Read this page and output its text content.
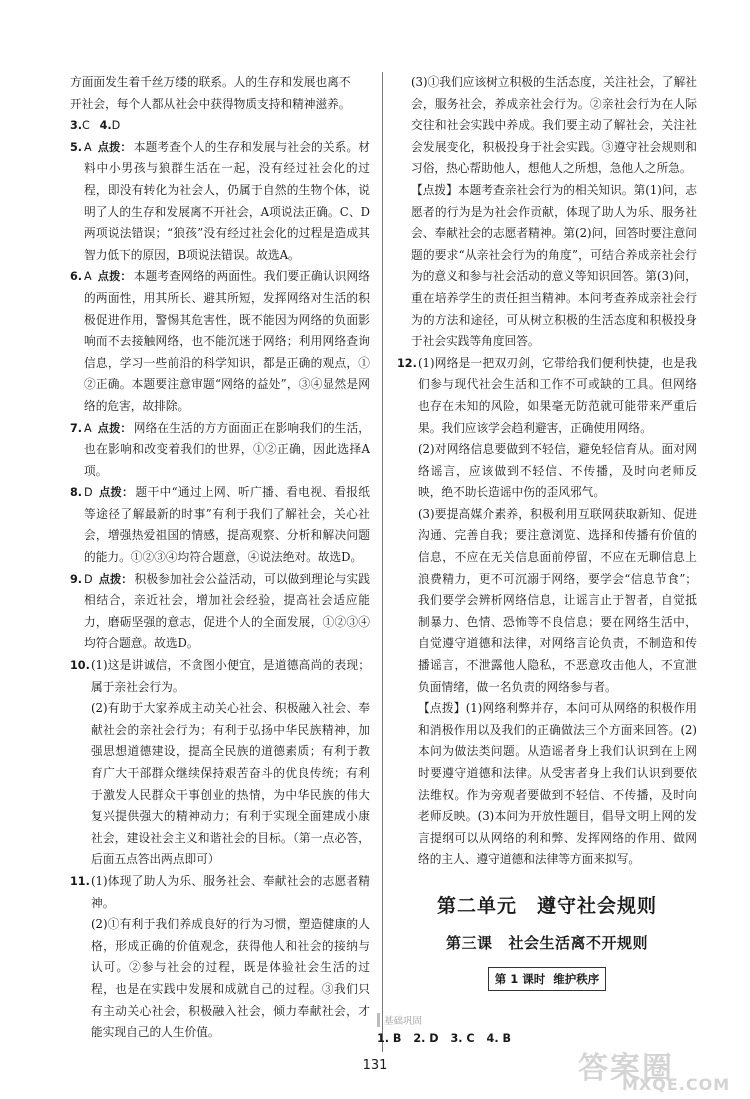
方面面发生着千丝万缕的联系。人的生存和发展也离不

开社会，每个人都从社会中获得物质支持和精神滋养。

3.C 4.D

5. A 点拨： 本题考查个人的生存和发展与社会的关系。材料中小男孩与狼群生活在一起，没有经过社会化的过程，即没有转化为社会人，仍属于自然的生物个体，说明了人的生存和发展离不开社会，A项说法正确。C、D两项说法错误；“狼孩”没有经过社会化的过程是造成其智力低下的原因，B项说法错误。故选A。

6. A 点拨： 本题考查网络的两面性。我们要正确认识网络的两面性，用其所长、避其所短，发挥网络对生活的积极促进作用，警惕其危害性，既不能因为网络的负面影响而不去接触网络，也不能沉迷于网络；利用网络查询信息，学习一些前沿的科学知识，都是正确的观点，①②正确。本题要注意审题“网络的益处”，③④显然是网络的危害，故排除。

7. A 点拨： 网络在生活的方方面面正在影响我们的生活，也在影响和改变着我们的世界，①②正确，因此选择A项。

8. D 点拨： 题干中“通过上网、听广播、看电视、看报纸等途径了解最新的时事”有利于我们了解社会，关心社会，增强热爱祖国的情感，提高观察、分析和解决问题的能力。①②③④均符合题意，④说法绝对。故选D。

9. D 点拨： 积极参加社会公益活动，可以做到理论与实践相结合，亲近社会，增加社会经验，提高社会适应能力，磨砺坚强的意志，促进个人的全面发展，①②③④均符合题意。故选D。

10. (1)这是讲诚信，不贪图小便宜，是道德高尚的表现；属于亲社会行为。

(2)有助于大家养成主动关心社会、积极融入社会、奉献社会的亲社会行为；有利于弘扬中华民族精神，加强思想道德建设，提高全民族的道德素质；有利于教育广大干部群众继续保持艰苦奋斗的优良传统；有利于激发人民群众干事创业的热情，为中华民族的伟大复兴提供强大的精神动力；有利于实现全面建成小康社会，建设社会主义和谐社会的目标。（第一点必答，后面五点答出两点即可）

11. (1)体现了助人为乐、服务社会、奉献社会的志愿者精神。

(2)①有利于我们养成良好的行为习惯，塑造健康的人格，形成正确的价值观念，获得他人和社会的接纳与认可。②参与社会的过程，既是体验社会生活的过程，也是在实践中发展和成就自己的过程。③我们只有主动关心社会，积极融入社会，倾力奉献社会，才能实现自己的人生价值。

(3)①我们应该树立积极的生活态度，关注社会，了解社会，服务社会，养成亲社会行为。②亲社会行为在人际交往和社会实践中养成。我们要主动了解社会，关注社会发展变化，积极投身于社会实践。③遵守社会规则和习俗，热心帮助他人，想他人之所想，急他人之所急。

【点拨】本题考查亲社会行为的相关知识。第(1)问，志愿者的行为是为社会作贡献，体现了助人为乐、服务社会、奉献社会的志愿者精神。第(2)问，回答时要注意问题的要求“从亲社会行为的角度”，可结合养成亲社会行为的意义和参与社会活动的意义等知识回答。第(3)问，重在培养学生的责任担当精神。本问考查养成亲社会行为的方法和途径，可从树立积极的生活态度和积极投身于社会实践等角度回答。

12. (1)网络是一把双刃剑，它带给我们便利快捷，也是我们参与现代社会生活和工作不可或缺的工具。但网络也存在未知的风险，如果毫无防范就可能带来严重后果。我们应该学会趋利避害，正确使用网络。

(2)对网络信息要做到不轻信，避免轻信育从。面对网络谣言，应该做到不轻信、不传播，及时向老师反映，绝不助长造谣中伤的歪风邪气。

(3)要提高媒介素养，积极利用互联网获取新知、促进沟通、完善自我；要注意浏览、选择和传播有价值的信息，不应在无关信息面前停留，不应在无聊信息上浪费精力，更不可沉溺于网络，要学会“信息节食”；我们要学会辨析网络信息，让谣言止于智者，自觉抵制暴力、色情、恐怖等不良信息；要在网络生活中，自觉遵守道德和法律，对网络言论负责，不制造和传播谣言，不泄露他人隐私，不恶意攻击他人，不宣泄负面情绪，做一名负责的网络参与者。

【点拨】(1)网络利弊并存，本问可从网络的积极作用和消极作用以及我们的正确做法三个方面来回答。(2)本问为做法类问题。从造谣者身上我们认识到在上网时要遵守道德和法律。从受害者身上我们认识到要依法维权。作为旁观者要做到不轻信、不传播，及时向老师反映。(3)本问为开放性题目，倡导文明上网的发言提纲可以从网络的利和弊、发挥网络的作用、做网络的主人、遵守道德和法律等方面来拟写。

第二单元 遵守社会规则
第三课 社会生活离不开规则
第 1 课时 维护秩序
基础巩固
1. B 2. D 3. C 4. B
131	答案圈
MXQE.COM
